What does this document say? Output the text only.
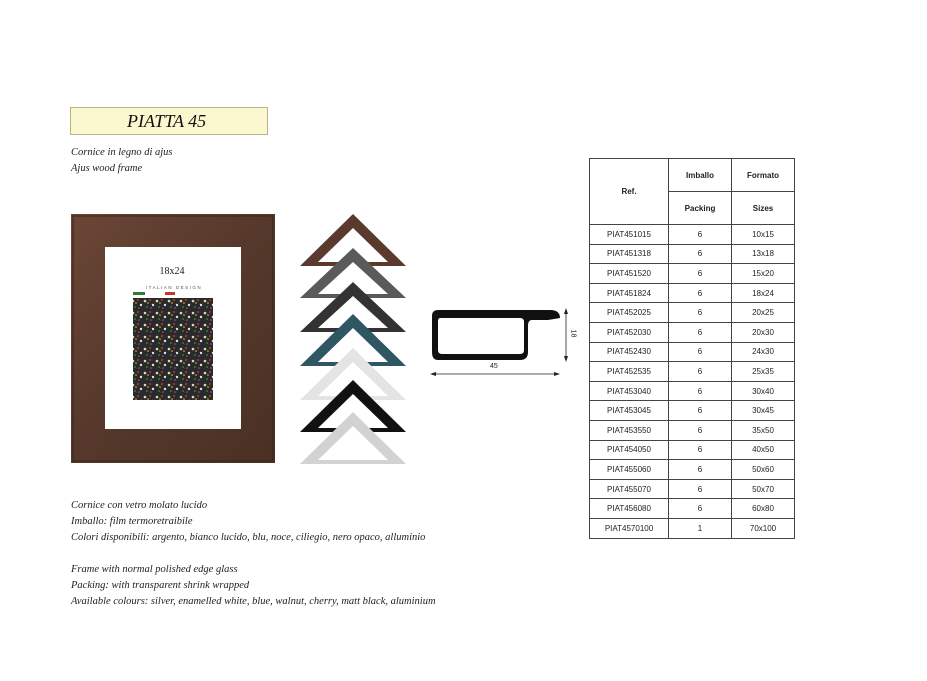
PIATTA 45
Cornice in legno di ajus
Ajus wood frame
18x24
ITALIAN DESIGN
18
45
Ref.	Imballo	Formato
	Packing	Sizes
PIAT451015	6	10x15
PIAT451318	6	13x18
PIAT451520	6	15x20
PIAT451824	6	18x24
PIAT452025	6	20x25
PIAT452030	6	20x30
PIAT452430	6	24x30
PIAT452535	6	25x35
PIAT453040	6	30x40
PIAT453045	6	30x45
PIAT453550	6	35x50
PIAT454050	6	40x50
PIAT455060	6	50x60
PIAT455070	6	50x70
PIAT456080	6	60x80
PIAT4570100	1	70x100
Cornice con vetro molato lucido
Imballo: film termoretraibile
Colori disponibili: argento, bianco lucido, blu, noce, ciliegio, nero opaco, alluminio
Frame with normal polished edge glass
Packing: with transparent shrink wrapped
Available colours: silver, enamelled white, blue, walnut, cherry, matt black, aluminium
